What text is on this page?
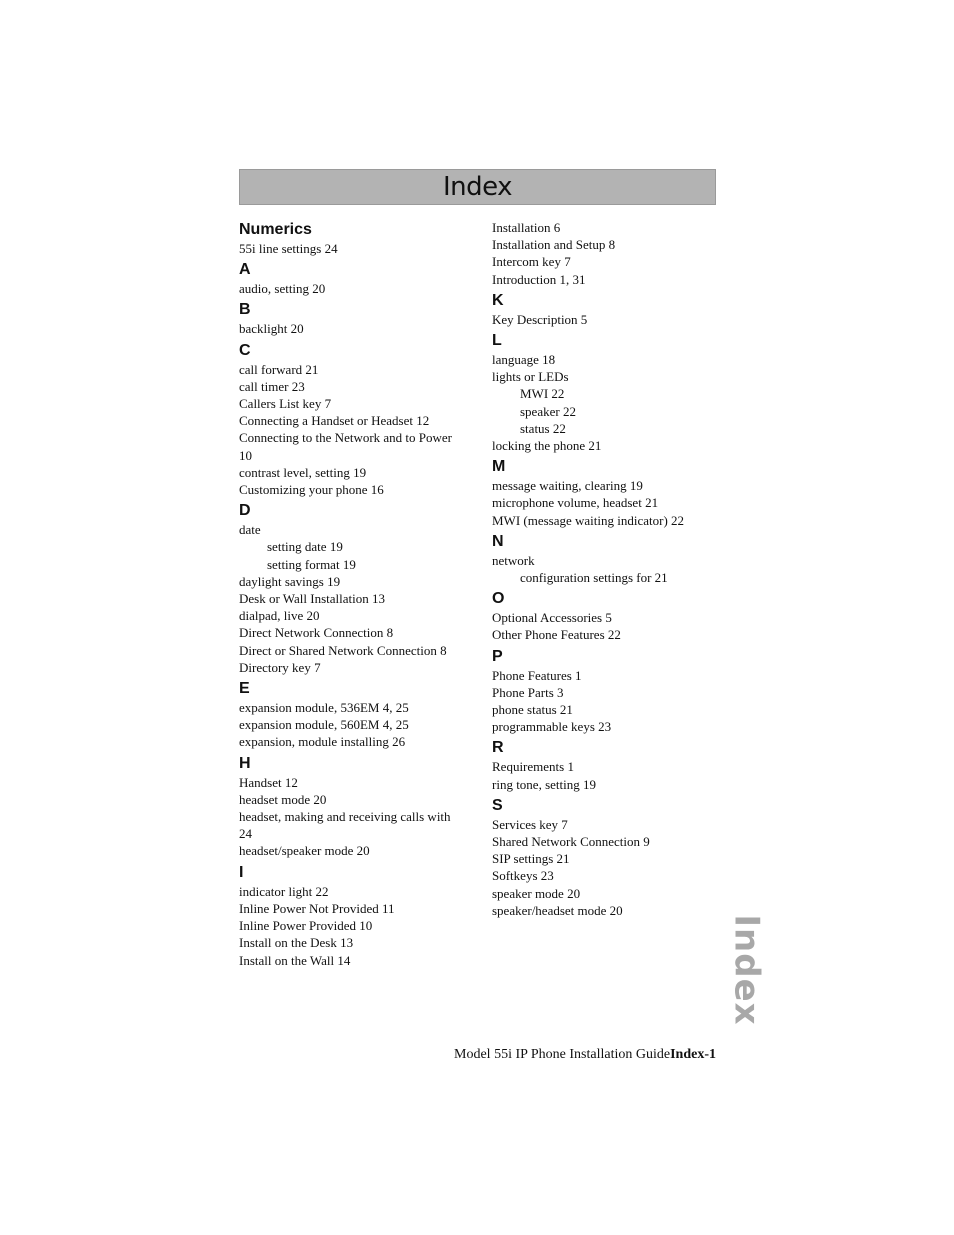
Index
Numerics
55i line settings 24
A
audio, setting 20
B
backlight 20
C
call forward 21
call timer 23
Callers List key 7
Connecting a Handset or Headset 12
Connecting to the Network and to Power
10
contrast level, setting 19
Customizing your phone 16
D
date
setting date 19
setting format 19
daylight savings 19
Desk or Wall Installation 13
dialpad, live 20
Direct Network Connection 8
Direct or Shared Network Connection 8
Directory key 7
E
expansion module, 536EM 4, 25
expansion module, 560EM 4, 25
expansion, module installing 26
H
Handset 12
headset mode 20
headset, making and receiving calls with
24
headset/speaker mode 20
I
indicator light 22
Inline Power Not Provided 11
Inline Power Provided 10
Install on the Desk 13
Install on the Wall 14
Installation 6
Installation and Setup 8
Intercom key 7
Introduction 1, 31
K
Key Description 5
L
language 18
lights or LEDs
MWI 22
speaker 22
status 22
locking the phone 21
M
message waiting, clearing 19
microphone volume, headset 21
MWI (message waiting indicator) 22
N
network
configuration settings for 21
O
Optional Accessories 5
Other Phone Features 22
P
Phone Features 1
Phone Parts 3
phone status 21
programmable keys 23
R
Requirements 1
ring tone, setting 19
S
Services key 7
Shared Network Connection 9
SIP settings 21
Softkeys 23
speaker mode 20
speaker/headset mode 20
Index
Model 55i IP Phone Installation GuideIndex-1
